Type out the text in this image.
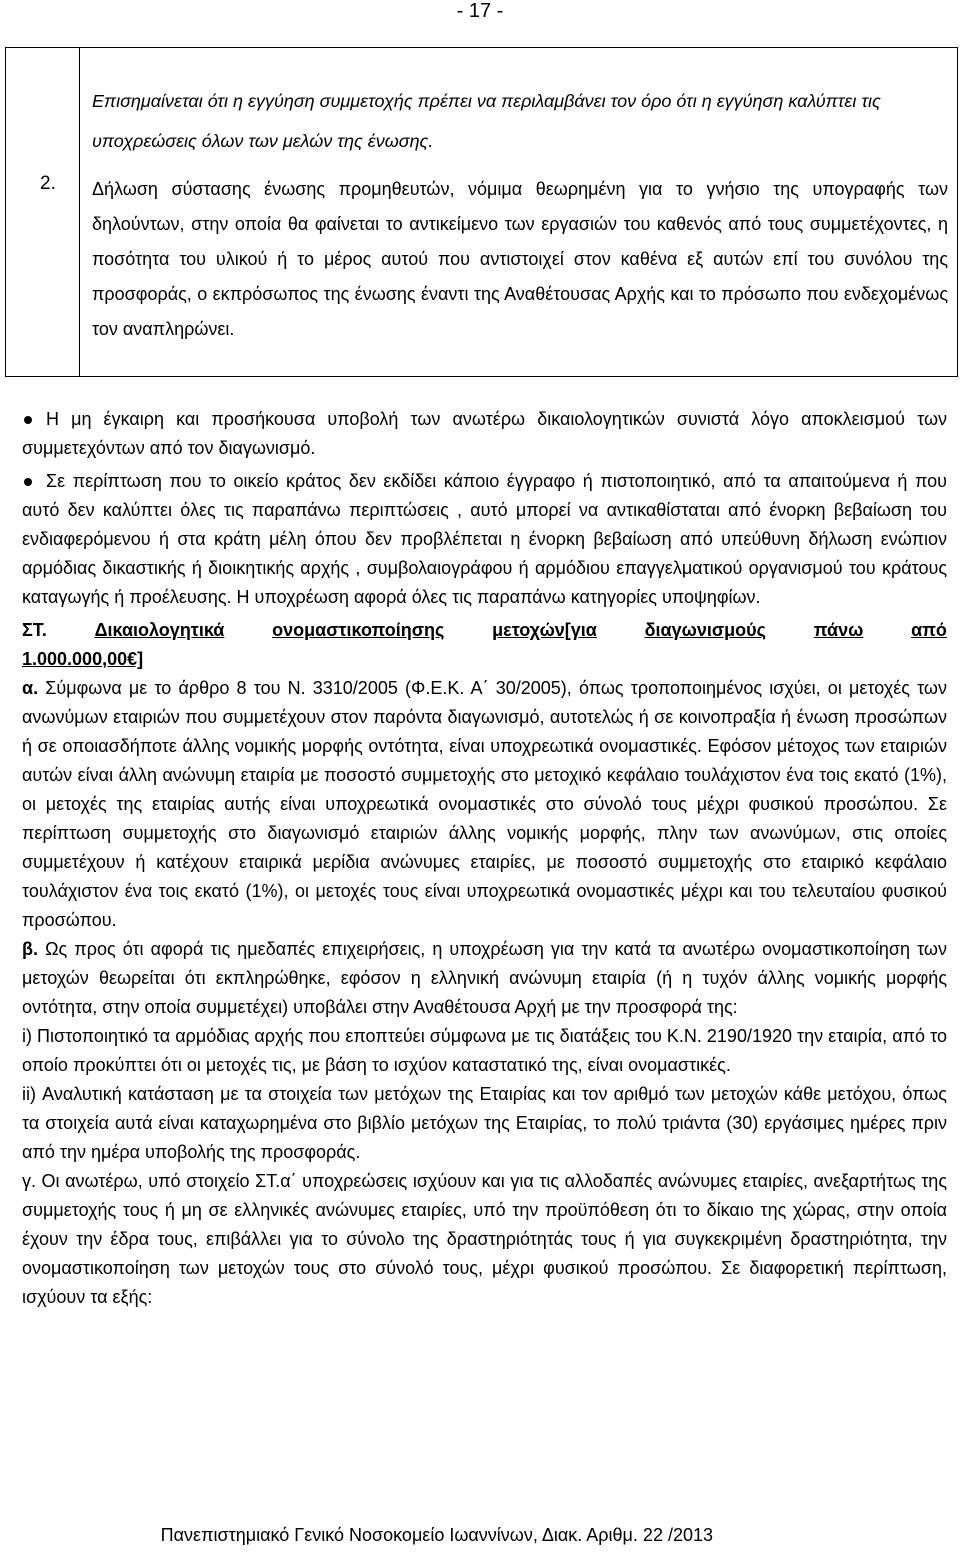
- 17 -
Επισημαίνεται ότι η εγγύηση συμμετοχής πρέπει να περιλαμβάνει τον όρο ότι η εγγύηση καλύπτει τις υποχρεώσεις όλων των μελών της ένωσης.
2. Δήλωση σύστασης ένωσης προμηθευτών, νόμιμα θεωρημένη για το γνήσιο της υπογραφής των δηλούντων, στην οποία θα φαίνεται το αντικείμενο των εργασιών του καθενός από τους συμμετέχοντες, η ποσότητα του υλικού ή το μέρος αυτού που αντιστοιχεί στον καθένα εξ αυτών επί του συνόλου της προσφοράς, ο εκπρόσωπος της ένωσης έναντι της Αναθέτουσας Αρχής και το πρόσωπο που ενδεχομένως τον αναπληρώνει.

Η μη έγκαιρη και προσήκουσα υποβολή των ανωτέρω δικαιολογητικών συνιστά λόγο αποκλεισμού των συμμετεχόντων από τον διαγωνισμό.

Σε περίπτωση που το οικείο κράτος δεν εκδίδει κάποιο έγγραφο ή πιστοποιητικό, από τα απαιτούμενα ή που αυτό δεν καλύπτει όλες τις παραπάνω περιπτώσεις , αυτό μπορεί να αντικαθίσταται από ένορκη βεβαίωση του ενδιαφερόμενου ή στα κράτη μέλη όπου δεν προβλέπεται η ένορκη βεβαίωση από υπεύθυνη δήλωση ενώπιον αρμόδιας δικαστικής ή διοικητικής αρχής , συμβολαιογράφου ή αρμόδιου επαγγελματικού οργανισμού του κράτους καταγωγής ή προέλευσης. Η υποχρέωση αφορά όλες τις παραπάνω κατηγορίες υποψηφίων.

ΣΤ.	Δικαιολογητικά	ονομαστικοποίησης	μετοχών[για	διαγωνισμούς	πάνω	από

1.000.000,00€]

α. Σύμφωνα με το άρθρο 8 του Ν. 3310/2005 (Φ.Ε.Κ. Α΄ 30/2005), όπως τροποποιημένος ισχύει, οι μετοχές των ανωνύμων εταιριών που συμμετέχουν στον παρόντα διαγωνισμό, αυτοτελώς ή σε κοινοπραξία ή ένωση προσώπων ή σε οποιασδήποτε άλλης νομικής μορφής οντότητα, είναι υποχρεωτικά ονομαστικές. Εφόσον μέτοχος των εταιριών αυτών είναι άλλη ανώνυμη εταιρία με ποσοστό συμμετοχής στο μετοχικό κεφάλαιο τουλάχιστον ένα τοις εκατό (1%), οι μετοχές της εταιρίας αυτής είναι υποχρεωτικά ονομαστικές στο σύνολό τους μέχρι φυσικού προσώπου. Σε περίπτωση συμμετοχής στο διαγωνισμό εταιριών άλλης νομικής μορφής, πλην των ανωνύμων, στις οποίες συμμετέχουν ή κατέχουν εταιρικά μερίδια ανώνυμες εταιρίες, με ποσοστό συμμετοχής στο εταιρικό κεφάλαιο τουλάχιστον ένα τοις εκατό (1%), οι μετοχές τους είναι υποχρεωτικά ονομαστικές μέχρι και του τελευταίου φυσικού προσώπου.

β. Ως προς ότι αφορά τις ημεδαπές επιχειρήσεις, η υποχρέωση για την κατά τα ανωτέρω ονομαστικοποίηση των μετοχών θεωρείται ότι εκπληρώθηκε, εφόσον η ελληνική ανώνυμη εταιρία (ή η τυχόν άλλης νομικής μορφής οντότητα, στην οποία συμμετέχει) υποβάλει στην Αναθέτουσα Αρχή με την προσφορά της:

i) Πιστοποιητικό τα αρμόδιας αρχής που εποπτεύει σύμφωνα με τις διατάξεις του Κ.Ν. 2190/1920 την εταιρία, από το οποίο προκύπτει ότι οι μετοχές τις, με βάση το ισχύον καταστατικό της, είναι ονομαστικές.

ii) Αναλυτική κατάσταση με τα στοιχεία των μετόχων της Εταιρίας και τον αριθμό των μετοχών κάθε μετόχου, όπως τα στοιχεία αυτά είναι καταχωρημένα στο βιβλίο μετόχων της Εταιρίας, το πολύ τριάντα (30) εργάσιμες ημέρες πριν από την ημέρα υποβολής της προσφοράς.

γ. Οι ανωτέρω, υπό στοιχείο ΣΤ.α΄ υποχρεώσεις ισχύουν και για τις αλλοδαπές ανώνυμες εταιρίες, ανεξαρτήτως της συμμετοχής τους ή μη σε ελληνικές ανώνυμες εταιρίες, υπό την προϋπόθεση ότι το δίκαιο της χώρας, στην οποία έχουν την έδρα τους, επιβάλλει για το σύνολο της δραστηριότητάς τους ή για συγκεκριμένη δραστηριότητα, την ονομαστικοποίηση των μετοχών τους στο σύνολό τους, μέχρι φυσικού προσώπου. Σε διαφορετική περίπτωση, ισχύουν τα εξής:

Πανεπιστημιακό Γενικό Νοσοκομείο Ιωαννίνων, Διακ. Αριθμ. 22 /2013
